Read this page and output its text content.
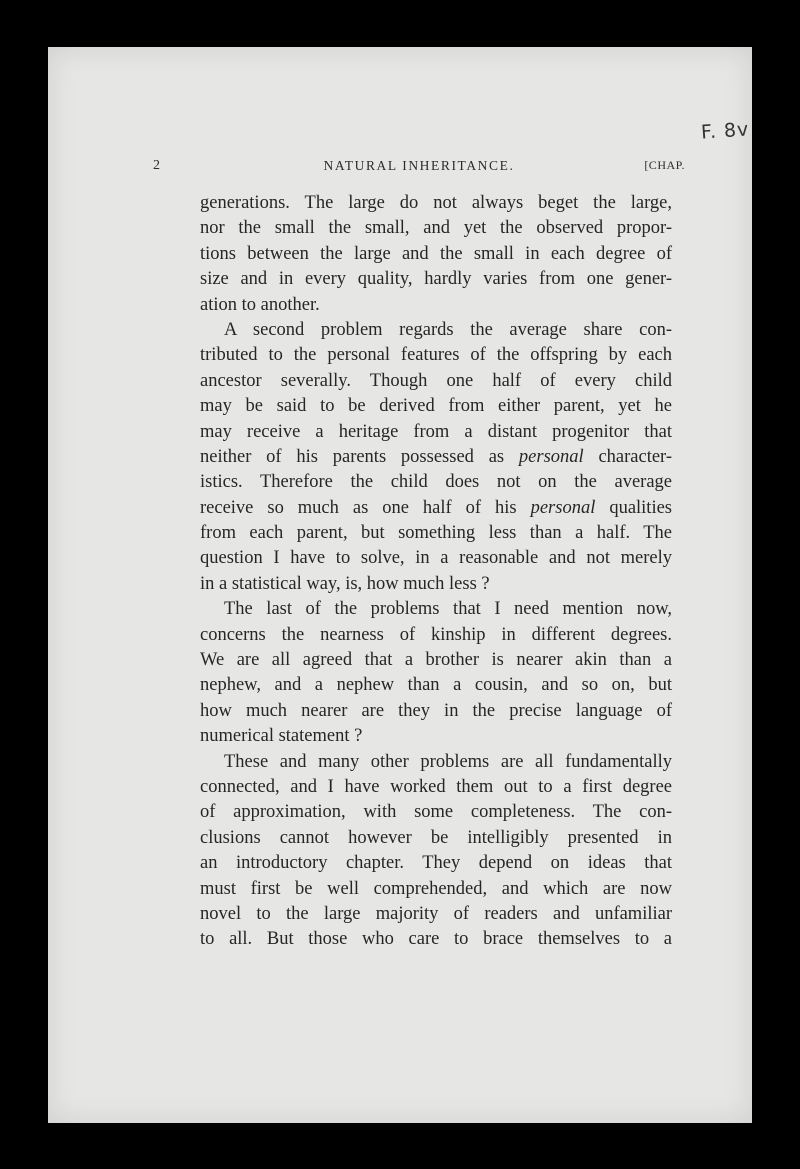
F. 8v
2	NATURAL INHERITANCE.	[CHAP.
generations. The large do not always beget the large,
nor the small the small, and yet the observed propor-
tions between the large and the small in each degree of
size and in every quality, hardly varies from one gener-
ation to another.
A second problem regards the average share con-
tributed to the personal features of the offspring by each
ancestor severally. Though one half of every child
may be said to be derived from either parent, yet he
may receive a heritage from a distant progenitor that
neither of his parents possessed as personal character-
istics. Therefore the child does not on the average
receive so much as one half of his personal qualities
from each parent, but something less than a half. The
question I have to solve, in a reasonable and not merely
in a statistical way, is, how much less ?
The last of the problems that I need mention now,
concerns the nearness of kinship in different degrees.
We are all agreed that a brother is nearer akin than a
nephew, and a nephew than a cousin, and so on, but
how much nearer are they in the precise language of
numerical statement ?
These and many other problems are all fundamentally
connected, and I have worked them out to a first degree
of approximation, with some completeness. The con-
clusions cannot however be intelligibly presented in
an introductory chapter. They depend on ideas that
must first be well comprehended, and which are now
novel to the large majority of readers and unfamiliar
to all. But those who care to brace themselves to a
